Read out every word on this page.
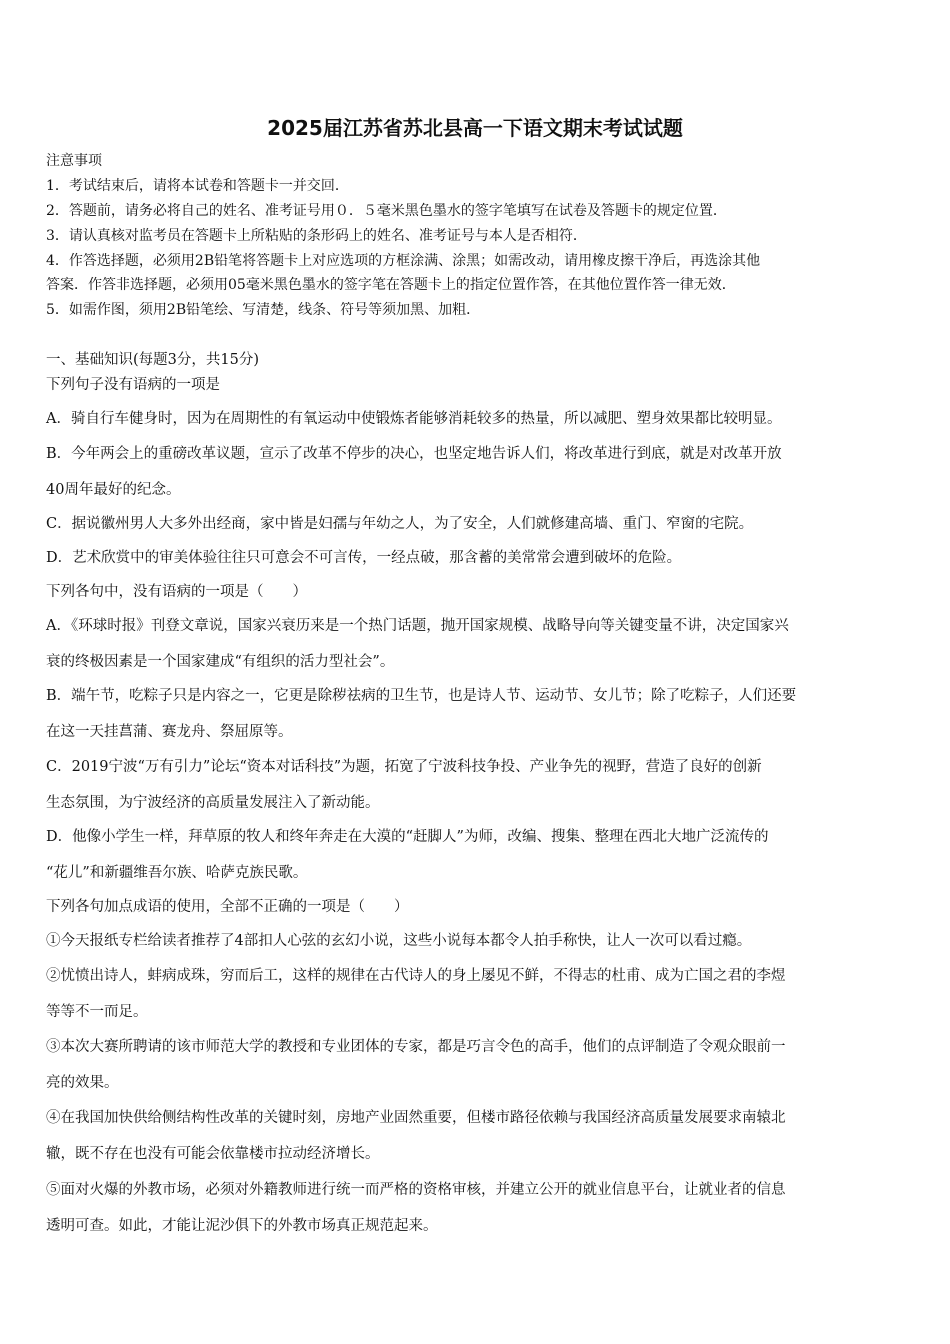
2025届江苏省苏北县高一下语文期末考试试题
注意事项
1．考试结束后，请将本试卷和答题卡一并交回．
2．答题前，请务必将自己的姓名、准考证号用０．５毫米黑色墨水的签字笔填写在试卷及答题卡的规定位置．
3．请认真核对监考员在答题卡上所粘贴的条形码上的姓名、准考证号与本人是否相符．
4．作答选择题，必须用2B铅笔将答题卡上对应选项的方框涂满、涂黑；如需改动，请用橡皮擦干净后，再选涂其他
答案．作答非选择题，必须用05毫米黑色墨水的签字笔在答题卡上的指定位置作答，在其他位置作答一律无效．
5．如需作图，须用2B铅笔绘、写清楚，线条、符号等须加黑、加粗．
一、基础知识(每题3分，共15分)
下列句子没有语病的一项是
A．骑自行车健身时，因为在周期性的有氧运动中使锻炼者能够消耗较多的热量，所以减肥、塑身效果都比较明显。
B．今年两会上的重磅改革议题，宣示了改革不停步的决心，也坚定地告诉人们，将改革进行到底，就是对改革开放
40周年最好的纪念。
C．据说徽州男人大多外出经商，家中皆是妇孺与年幼之人，为了安全，人们就修建高墙、重门、窄窗的宅院。
D．艺术欣赏中的审美体验往往只可意会不可言传，一经点破，那含蓄的美常常会遭到破坏的危险。
下列各句中，没有语病的一项是（　　）
A．《环球时报》刊登文章说，国家兴衰历来是一个热门话题，抛开国家规模、战略导向等关键变量不讲，决定国家兴
衰的终极因素是一个国家建成“有组织的活力型社会”。
B．端午节，吃粽子只是内容之一，它更是除秽祛病的卫生节，也是诗人节、运动节、女儿节；除了吃粽子，人们还要
在这一天挂菖蒲、赛龙舟、祭屈原等。
C．2019宁波“万有引力”论坛“资本对话科技”为题，拓宽了宁波科技争投、产业争先的视野，营造了良好的创新
生态氛围，为宁波经济的高质量发展注入了新动能。
D．他像小学生一样，拜草原的牧人和终年奔走在大漠的“赶脚人”为师，改编、搜集、整理在西北大地广泛流传的
“花儿”和新疆维吾尔族、哈萨克族民歌。
下列各句加点成语的使用，全部不正确的一项是（　　）
①今天报纸专栏给读者推荐了4部扣人心弦的玄幻小说，这些小说每本都令人拍手称快，让人一次可以看过瘾。
②忧愤出诗人，蚌病成珠，穷而后工，这样的规律在古代诗人的身上屡见不鲜，不得志的杜甫、成为亡国之君的李煜
等等不一而足。
③本次大赛所聘请的该市师范大学的教授和专业团体的专家，都是巧言令色的高手，他们的点评制造了令观众眼前一
亮的效果。
④在我国加快供给侧结构性改革的关键时刻，房地产业固然重要，但楼市路径依赖与我国经济高质量发展要求南辕北
辙，既不存在也没有可能会依靠楼市拉动经济增长。
⑤面对火爆的外教市场，必须对外籍教师进行统一而严格的资格审核，并建立公开的就业信息平台，让就业者的信息
透明可查。如此，才能让泥沙俱下的外教市场真正规范起来。
